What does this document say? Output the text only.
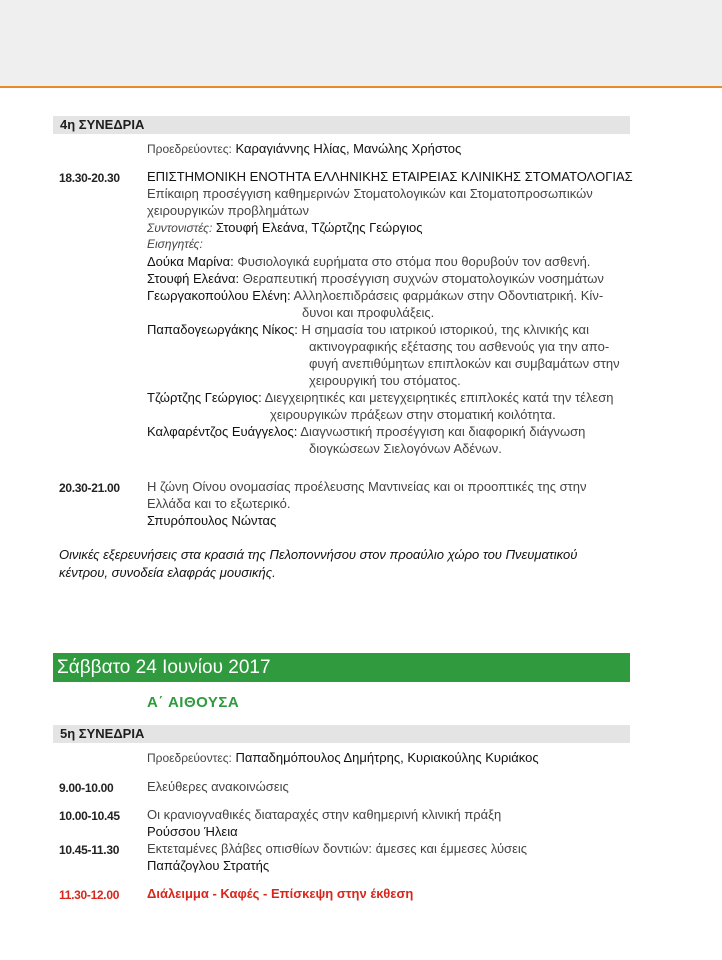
4η ΣΥΝΕΔΡΙΑ
Προεδρεύοντες: Καραγιάννης Ηλίας, Μανώλης Χρήστος
18.30-20.30 ΕΠΙΣΤΗΜΟΝΙΚΗ ΕΝΟΤΗΤΑ ΕΛΛΗΝΙΚΗΣ ΕΤΑΙΡΕΙΑΣ ΚΛΙΝΙΚΗΣ ΣΤΟΜΑΤΟΛΟΓΙΑΣ
Επίκαιρη προσέγγιση καθημερινών Στοματολογικών και Στοματοπροσωπικών
χειρουργικών προβλημάτων
Συντονιστές: Στουφή Ελεάνα, Τζώρτζης Γεώργιος
Εισηγητές:
Δούκα Μαρίνα: Φυσιολογικά ευρήματα στο στόμα που θορυβούν τον ασθενή.
Στουφή Ελεάνα: Θεραπευτική προσέγγιση συχνών στοματολογικών νοσημάτων
Γεωργακοπούλου Ελένη: Αλληλοεπιδράσεις φαρμάκων στην Οδοντιατρική. Κίν-
δυνοι και προφυλάξεις.
Παπαδογεωργάκης Νίκος: Η σημασία του ιατρικού ιστορικού, της κλινικής και
ακτινογραφικής εξέτασης του ασθενούς για την απο-
φυγή ανεπιθύμητων επιπλοκών και συμβαμάτων στην
χειρουργική του στόματος.
Τζώρτζης Γεώργιος: Διεγχειρητικές και μετεγχειρητικές επιπλοκές κατά την τέλεση
χειρουργικών πράξεων στην στοματική κοιλότητα.
Καλφαρέντζος Ευάγγελος: Διαγνωστική προσέγγιση και διαφορική διάγνωση
διογκώσεων Σιελογόνων Αδένων.
20.30-21.00 Η ζώνη Οίνου ονομασίας προέλευσης Μαντινείας και οι προοπτικές της στην
Ελλάδα και το εξωτερικό.
Σπυρόπουλος Νώντας
Οινικές εξερευνήσεις στα κρασιά της Πελοποννήσου στον προαύλιο χώρο του Πνευματικού
κέντρου, συνοδεία ελαφράς μουσικής.
Σάββατο 24 Ιουνίου 2017
Α΄ ΑΙΘΟΥΣΑ
5η ΣΥΝΕΔΡΙΑ
Προεδρεύοντες: Παπαδημόπουλος Δημήτρης, Κυριακούλης Κυριάκος
9.00-10.00	Ελεύθερες ανακοινώσεις
10.00-10.45 Οι κρανιογναθικές διαταραχές στην καθημερινή κλινική πράξη
Ρούσσου Ήλεια
10.45-11.30 Εκτεταμένες βλάβες οπισθίων δοντιών: άμεσες και έμμεσες λύσεις
Παπάζογλου Στρατής
11.30-12.00 Διάλειμμα - Καφές - Επίσκεψη στην έκθεση
